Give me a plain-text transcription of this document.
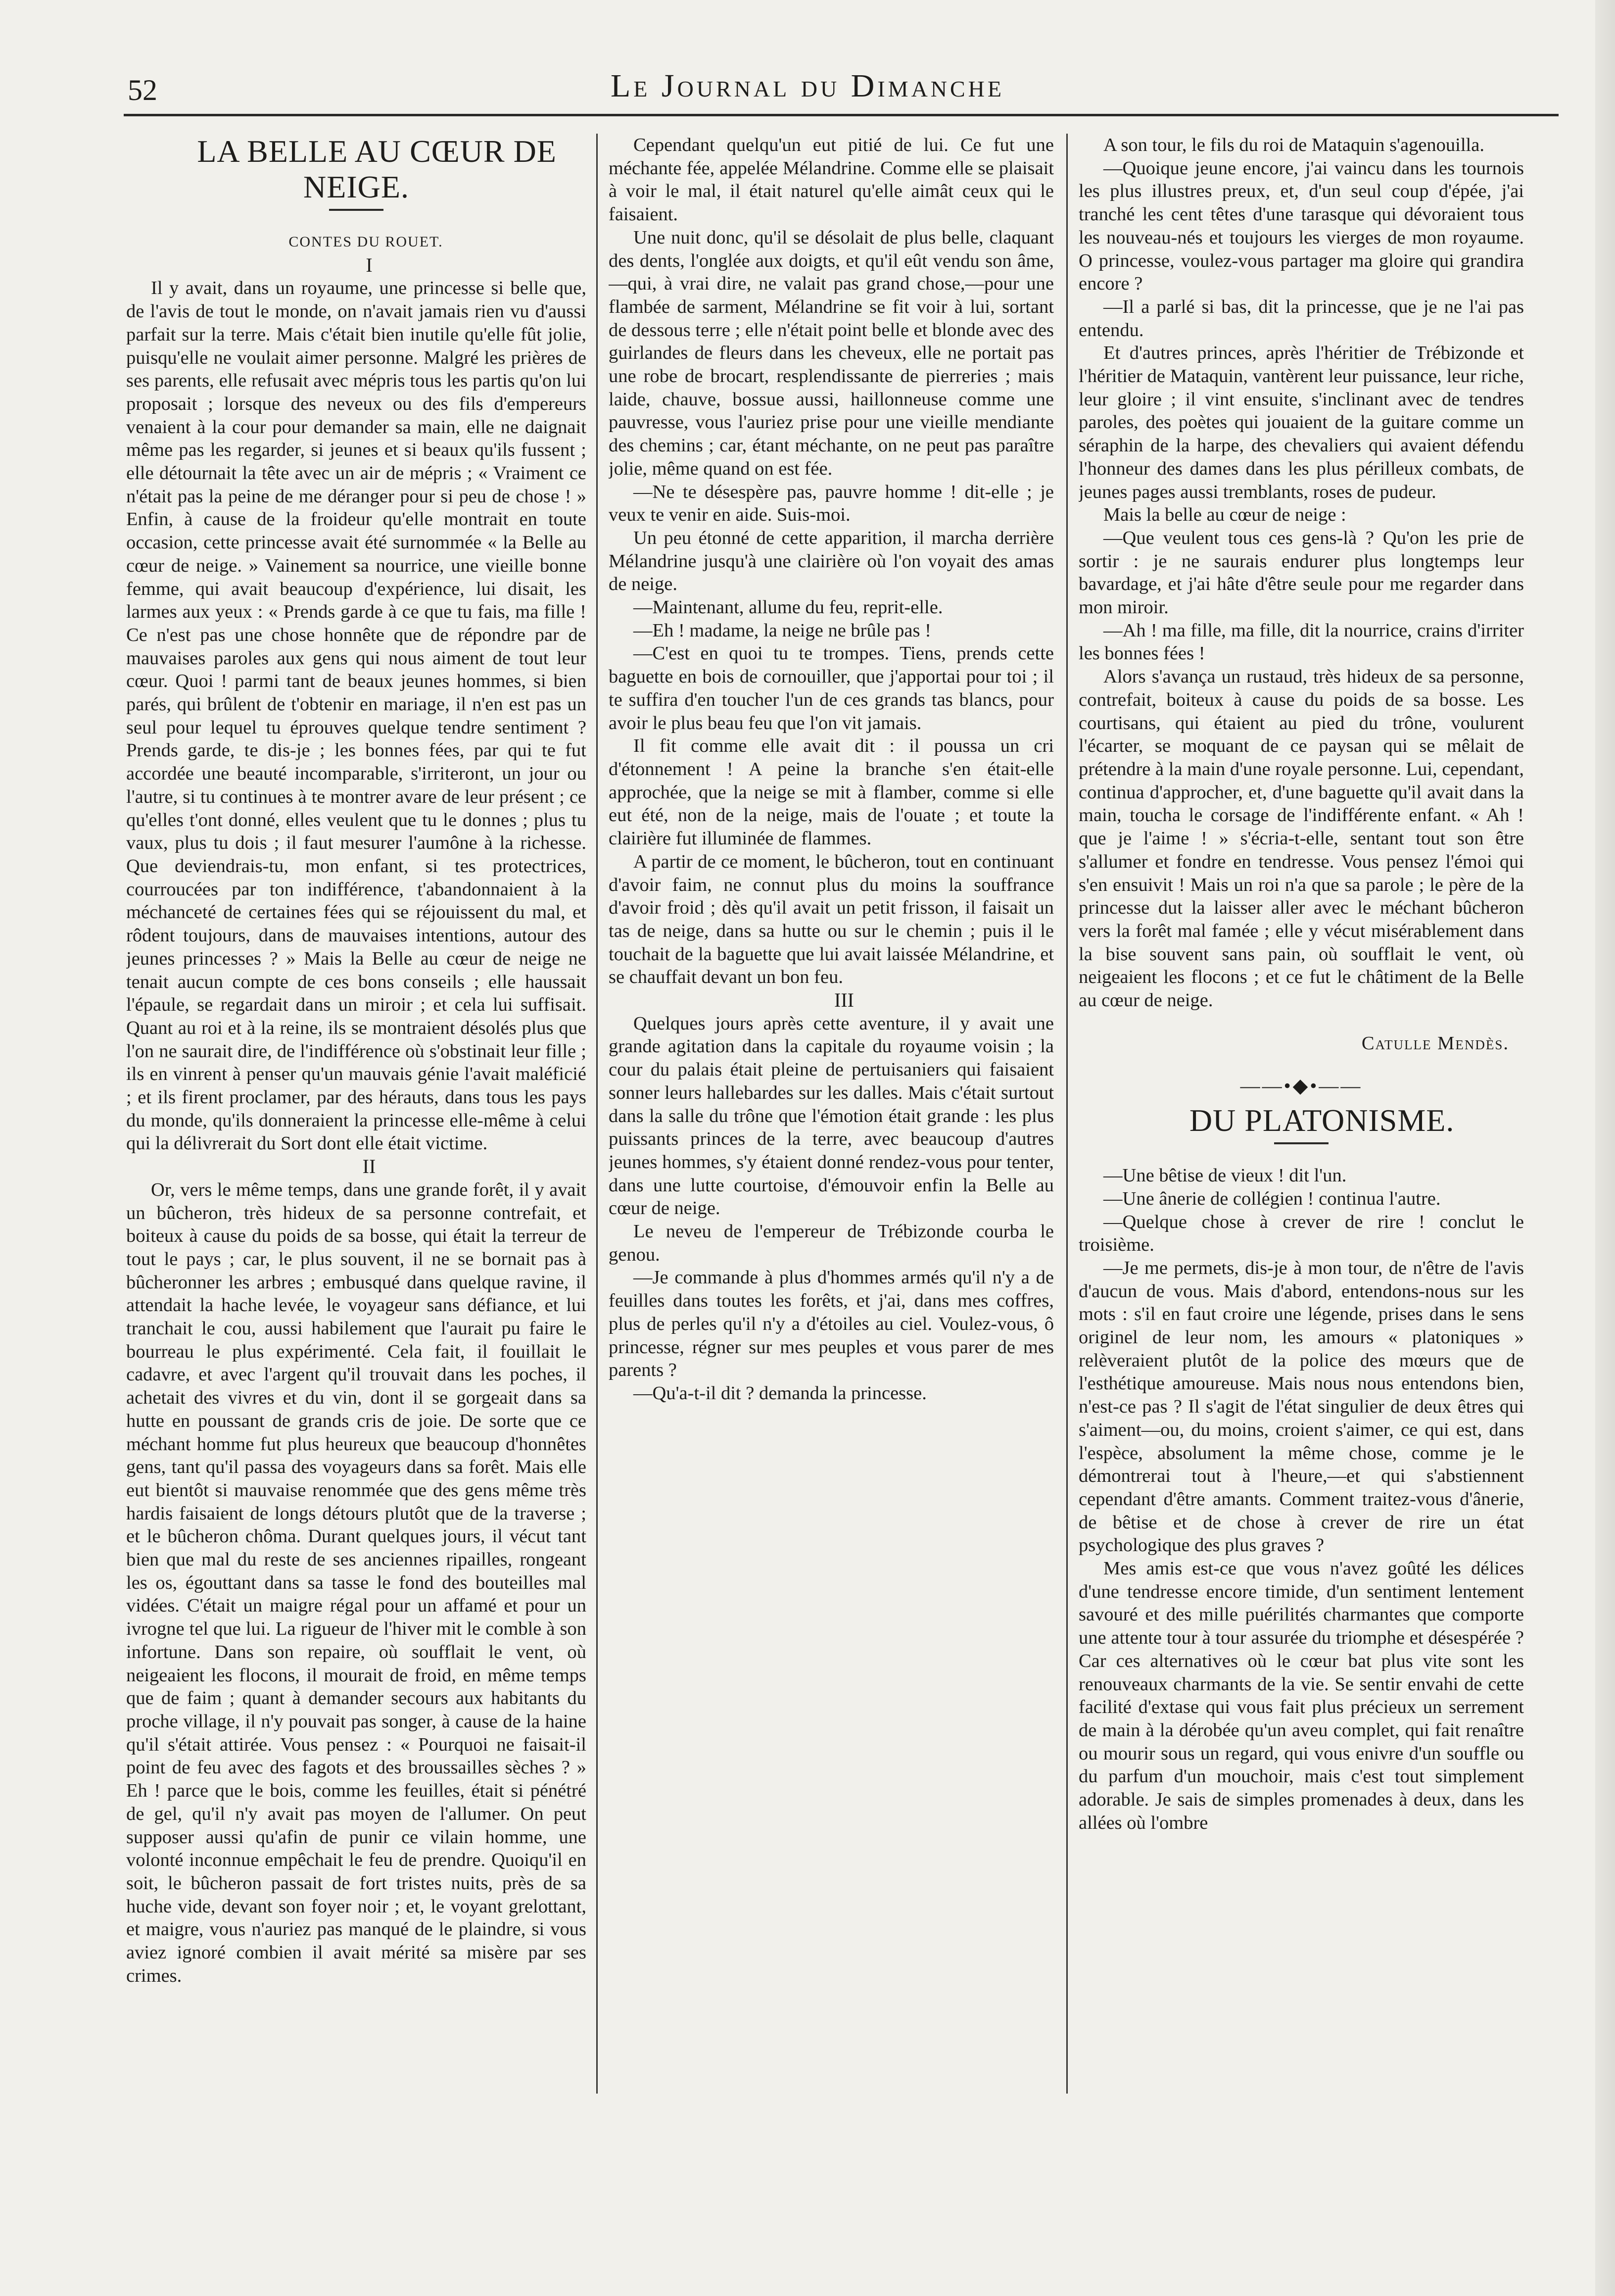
52	Le Journal du Dimanche

LA BELLE AU CŒUR DE NEIGE.

CONTES DU ROUET.

I

Il y avait, dans un royaume, une princesse si belle que, de l'avis de tout le monde, on n'avait jamais rien vu d'aussi parfait sur la terre. Mais c'était bien inutile qu'elle fût jolie, puisqu'elle ne voulait aimer personne. Malgré les prières de ses parents, elle refusait avec mépris tous les partis qu'on lui proposait ; lorsque des neveux ou des fils d'empereurs venaient à la cour pour demander sa main, elle ne daignait même pas les regarder, si jeunes et si beaux qu'ils fussent ; elle détournait la tête avec un air de mépris ; « Vraiment ce n'était pas la peine de me déranger pour si peu de chose ! » Enfin, à cause de la froideur qu'elle montrait en toute occasion, cette princesse avait été surnommée « la Belle au cœur de neige. » Vainement sa nourrice, une vieille bonne femme, qui avait beaucoup d'expérience, lui disait, les larmes aux yeux : « Prends garde à ce que tu fais, ma fille ! Ce n'est pas une chose honnête que de répondre par de mauvaises paroles aux gens qui nous aiment de tout leur cœur. Quoi ! parmi tant de beaux jeunes hommes, si bien parés, qui brûlent de t'obtenir en mariage, il n'en est pas un seul pour lequel tu éprouves quelque tendre sentiment ? Prends garde, te dis-je ; les bonnes fées, par qui te fut accordée une beauté incomparable, s'irriteront, un jour ou l'autre, si tu continues à te montrer avare de leur présent ; ce qu'elles t'ont donné, elles veulent que tu le donnes ; plus tu vaux, plus tu dois ; il faut mesurer l'aumône à la richesse. Que deviendrais-tu, mon enfant, si tes protectrices, courroucées par ton indifférence, t'abandonnaient à la méchanceté de certaines fées qui se réjouissent du mal, et rôdent toujours, dans de mauvaises intentions, autour des jeunes princesses ? » Mais la Belle au cœur de neige ne tenait aucun compte de ces bons conseils ; elle haussait l'épaule, se regardait dans un miroir ; et cela lui suffisait. Quant au roi et à la reine, ils se montraient désolés plus que l'on ne saurait dire, de l'indifférence où s'obstinait leur fille ; ils en vinrent à penser qu'un mauvais génie l'avait maléficié ; et ils firent proclamer, par des hérauts, dans tous les pays du monde, qu'ils donneraient la princesse elle-même à celui qui la délivrerait du Sort dont elle était victime.

II

Or, vers le même temps, dans une grande forêt, il y avait un bûcheron, très hideux de sa personne contrefait, et boiteux à cause du poids de sa bosse, qui était la terreur de tout le pays ; car, le plus souvent, il ne se bornait pas à bûcheronner les arbres ; embusqué dans quelque ravine, il attendait la hache levée, le voyageur sans défiance, et lui tranchait le cou, aussi habilement que l'aurait pu faire le bourreau le plus expérimenté. Cela fait, il fouillait le cadavre, et avec l'argent qu'il trouvait dans les poches, il achetait des vivres et du vin, dont il se gorgeait dans sa hutte en poussant de grands cris de joie. De sorte que ce méchant homme fut plus heureux que beaucoup d'honnêtes gens, tant qu'il passa des voyageurs dans sa forêt. Mais elle eut bientôt si mauvaise renommée que des gens même très hardis faisaient de longs détours plutôt que de la traverse ; et le bûcheron chôma. Durant quelques jours, il vécut tant bien que mal du reste de ses anciennes ripailles, rongeant les os, égouttant dans sa tasse le fond des bouteilles mal vidées. C'était un maigre régal pour un affamé et pour un ivrogne tel que lui. La rigueur de l'hiver mit le comble à son infortune. Dans son repaire, où soufflait le vent, où neigeaient les flocons, il mourait de froid, en même temps que de faim ; quant à demander secours aux habitants du proche village, il n'y pouvait pas songer, à cause de la haine qu'il s'était attirée. Vous pensez : « Pourquoi ne faisait-il point de feu avec des fagots et des broussailles sèches ? » Eh ! parce que le bois, comme les feuilles, était si pénétré de gel, qu'il n'y avait pas moyen de l'allumer. On peut supposer aussi qu'afin de punir ce vilain homme, une volonté inconnue empêchait le feu de prendre. Quoiqu'il en soit, le bûcheron passait de fort tristes nuits, près de sa huche vide, devant son foyer noir ; et, le voyant grelottant, et maigre, vous n'auriez pas manqué de le plaindre, si vous aviez ignoré combien il avait mérité sa misère par ses crimes.

Cependant quelqu'un eut pitié de lui. Ce fut une méchante fée, appelée Mélandrine. Comme elle se plaisait à voir le mal, il était naturel qu'elle aimât ceux qui le faisaient.

Une nuit donc, qu'il se désolait de plus belle, claquant des dents, l'onglée aux doigts, et qu'il eût vendu son âme,—qui, à vrai dire, ne valait pas grand chose,—pour une flambée de sarment, Mélandrine se fit voir à lui, sortant de dessous terre ; elle n'était point belle et blonde avec des guirlandes de fleurs dans les cheveux, elle ne portait pas une robe de brocart, resplendissante de pierreries ; mais laide, chauve, bossue aussi, haillonneuse comme une pauvresse, vous l'auriez prise pour une vieille mendiante des chemins ; car, étant méchante, on ne peut pas paraître jolie, même quand on est fée.

—Ne te désespère pas, pauvre homme ! dit-elle ; je veux te venir en aide. Suis-moi.

Un peu étonné de cette apparition, il marcha derrière Mélandrine jusqu'à une clairière où l'on voyait des amas de neige.

—Maintenant, allume du feu, reprit-elle.

—Eh ! madame, la neige ne brûle pas !

—C'est en quoi tu te trompes. Tiens, prends cette baguette en bois de cornouiller, que j'apportai pour toi ; il te suffira d'en toucher l'un de ces grands tas blancs, pour avoir le plus beau feu que l'on vit jamais.

Il fit comme elle avait dit : il poussa un cri d'étonnement ! A peine la branche s'en était-elle approchée, que la neige se mit à flamber, comme si elle eut été, non de la neige, mais de l'ouate ; et toute la clairière fut illuminée de flammes.

A partir de ce moment, le bûcheron, tout en continuant d'avoir faim, ne connut plus du moins la souffrance d'avoir froid ; dès qu'il avait un petit frisson, il faisait un tas de neige, dans sa hutte ou sur le chemin ; puis il le touchait de la baguette que lui avait laissée Mélandrine, et se chauffait devant un bon feu.

III

Quelques jours après cette aventure, il y avait une grande agitation dans la capitale du royaume voisin ; la cour du palais était pleine de pertuisaniers qui faisaient sonner leurs hallebardes sur les dalles. Mais c'était surtout dans la salle du trône que l'émotion était grande : les plus puissants princes de la terre, avec beaucoup d'autres jeunes hommes, s'y étaient donné rendez-vous pour tenter, dans une lutte courtoise, d'émouvoir enfin la Belle au cœur de neige.

Le neveu de l'empereur de Trébizonde courba le genou.

—Je commande à plus d'hommes armés qu'il n'y a de feuilles dans toutes les forêts, et j'ai, dans mes coffres, plus de perles qu'il n'y a d'étoiles au ciel. Voulez-vous, ô princesse, régner sur mes peuples et vous parer de mes parents ?

—Qu'a-t-il dit ? demanda la princesse.

A son tour, le fils du roi de Mataquin s'agenouilla.

—Quoique jeune encore, j'ai vaincu dans les tournois les plus illustres preux, et, d'un seul coup d'épée, j'ai tranché les cent têtes d'une tarasque qui dévoraient tous les nouveau-nés et toujours les vierges de mon royaume. O princesse, voulez-vous partager ma gloire qui grandira encore ?

—Il a parlé si bas, dit la princesse, que je ne l'ai pas entendu.

Et d'autres princes, après l'héritier de Trébizonde et l'héritier de Mataquin, vantèrent leur puissance, leur riche, leur gloire ; il vint ensuite, s'inclinant avec de tendres paroles, des poètes qui jouaient de la guitare comme un séraphin de la harpe, des chevaliers qui avaient défendu l'honneur des dames dans les plus périlleux combats, de jeunes pages aussi tremblants, roses de pudeur.

Mais la belle au cœur de neige :

—Que veulent tous ces gens-là ? Qu'on les prie de sortir : je ne saurais endurer plus longtemps leur bavardage, et j'ai hâte d'être seule pour me regarder dans mon miroir.

—Ah ! ma fille, ma fille, dit la nourrice, crains d'irriter les bonnes fées !

Alors s'avança un rustaud, très hideux de sa personne, contrefait, boiteux à cause du poids de sa bosse. Les courtisans, qui étaient au pied du trône, voulurent l'écarter, se moquant de ce paysan qui se mêlait de prétendre à la main d'une royale personne. Lui, cependant, continua d'approcher, et, d'une baguette qu'il avait dans la main, toucha le corsage de l'indifférente enfant. « Ah ! que je l'aime ! » s'écria-t-elle, sentant tout son être s'allumer et fondre en tendresse. Vous pensez l'émoi qui s'en ensuivit ! Mais un roi n'a que sa parole ; le père de la princesse dut la laisser aller avec le méchant bûcheron vers la forêt mal famée ; elle y vécut misérablement dans la bise souvent sans pain, où soufflait le vent, où neigeaient les flocons ; et ce fut le châtiment de la Belle au cœur de neige.

Catulle Mendès.

——•◆•——

DU PLATONISME.

—Une bêtise de vieux ! dit l'un.

—Une ânerie de collégien ! continua l'autre.

—Quelque chose à crever de rire ! conclut le troisième.

—Je me permets, dis-je à mon tour, de n'être de l'avis d'aucun de vous. Mais d'abord, entendons-nous sur les mots : s'il en faut croire une légende, prises dans le sens originel de leur nom, les amours « platoniques » relèveraient plutôt de la police des mœurs que de l'esthétique amoureuse. Mais nous nous entendons bien, n'est-ce pas ? Il s'agit de l'état singulier de deux êtres qui s'aiment—ou, du moins, croient s'aimer, ce qui est, dans l'espèce, absolument la même chose, comme je le démontrerai tout à l'heure,—et qui s'abstiennent cependant d'être amants. Comment traitez-vous d'ânerie, de bêtise et de chose à crever de rire un état psychologique des plus graves ?

Mes amis est-ce que vous n'avez goûté les délices d'une tendresse encore timide, d'un sentiment lentement savouré et des mille puérilités charmantes que comporte une attente tour à tour assurée du triomphe et désespérée ? Car ces alternatives où le cœur bat plus vite sont les renouveaux charmants de la vie. Se sentir envahi de cette facilité d'extase qui vous fait plus précieux un serrement de main à la dérobée qu'un aveu complet, qui fait renaître ou mourir sous un regard, qui vous enivre d'un souffle ou du parfum d'un mouchoir, mais c'est tout simplement adorable. Je sais de simples promenades à deux, dans les allées où l'ombre
